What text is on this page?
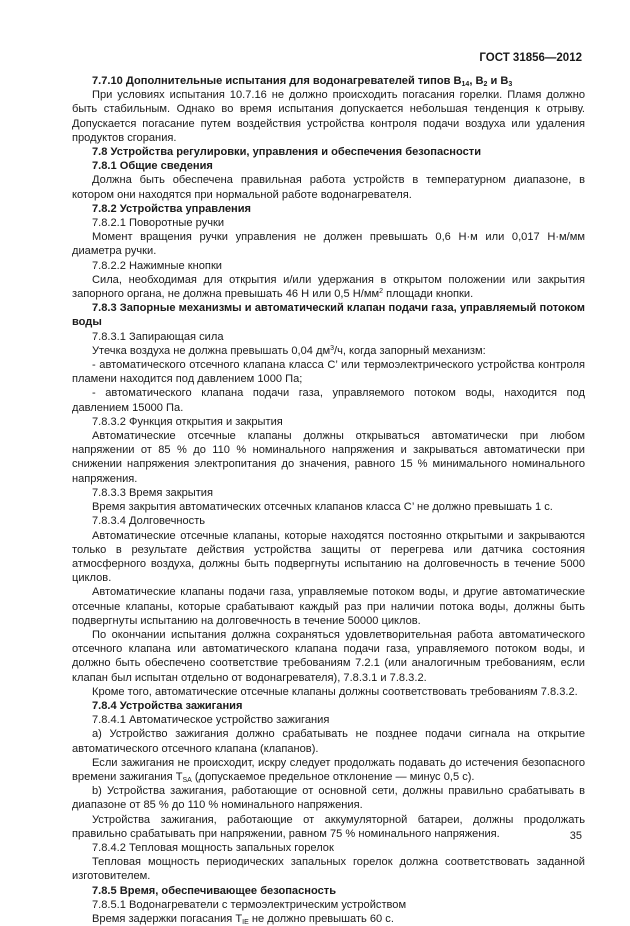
ГОСТ 31856—2012

7.7.10 Дополнительные испытания для водонагревателей типов $B_{14}$, $B_2$ и $B_3$

При условиях испытания 10.7.16 не должно происходить погасания горелки. Пламя должно быть стабильным. Однако во время испытания допускается небольшая тенденция к отрыву. Допускается погасание путем воздействия устройства контроля подачи воздуха или удаления продуктов сгорания.

7.8 Устройства регулировки, управления и обеспечения безопасности

7.8.1 Общие сведения

Должна быть обеспечена правильная работа устройств в температурном диапазоне, в котором они находятся при нормальной работе водонагревателя.

7.8.2 Устройства управления

7.8.2.1 Поворотные ручки

Момент вращения ручки управления не должен превышать 0,6 Н·м или 0,017 Н·м/мм диаметра ручки.

7.8.2.2 Нажимные кнопки

Сила, необходимая для открытия и/или удержания в открытом положении или закрытия запорного органа, не должна превышать 46 Н или 0,5 $Н/мм^2$ площади кнопки.

7.8.3 Запорные механизмы и автоматический клапан подачи газа, управляемый потоком воды

7.8.3.1 Запирающая сила

Утечка воздуха не должна превышать 0,04 $дм^3/ч$, когда запорный механизм:

- автоматического отсечного клапана класса C’ или термоэлектрического устройства контроля пламени находится под давлением 1000 Па;

- автоматического клапана подачи газа, управляемого потоком воды, находится под давлением 15000 Па.

7.8.3.2 Функция открытия и закрытия

Автоматические отсечные клапаны должны открываться автоматически при любом напряжении от 85 % до 110 % номинального напряжения и закрываться автоматически при снижении напряжения электропитания до значения, равного 15 % минимального номинального напряжения.

7.8.3.3 Время закрытия

Время закрытия автоматических отсечных клапанов класса C’ не должно превышать 1 с.

7.8.3.4 Долговечность

Автоматические отсечные клапаны, которые находятся постоянно открытыми и закрываются только в результате действия устройства защиты от перегрева или датчика состояния атмосферного воздуха, должны быть подвергнуты испытанию на долговечность в течение 5000 циклов.

Автоматические клапаны подачи газа, управляемые потоком воды, и другие автоматические отсечные клапаны, которые срабатывают каждый раз при наличии потока воды, должны быть подвергнуты испытанию на долговечность в течение 50000 циклов.

По окончании испытания должна сохраняться удовлетворительная работа автоматического отсечного клапана или автоматического клапана подачи газа, управляемого потоком воды, и должно быть обеспечено соответствие требованиям 7.2.1 (или аналогичным требованиям, если клапан был испытан отдельно от водонагревателя), 7.8.3.1 и 7.8.3.2.

Кроме того, автоматические отсечные клапаны должны соответствовать требованиям 7.8.3.2.

7.8.4 Устройства зажигания

7.8.4.1 Автоматическое устройство зажигания

а) Устройство зажигания должно срабатывать не позднее подачи сигнала на открытие автоматического отсечного клапана (клапанов).

Если зажигания не происходит, искру следует продолжать подавать до истечения безопасного времени зажигания $T_{SA}$ (допускаемое предельное отклонение — минус 0,5 с).

b) Устройства зажигания, работающие от основной сети, должны правильно срабатывать в диапазоне от 85 % до 110 % номинального напряжения.

Устройства зажигания, работающие от аккумуляторной батареи, должны продолжать правильно срабатывать при напряжении, равном 75 % номинального напряжения.

7.8.4.2 Тепловая мощность запальных горелок

Тепловая мощность периодических запальных горелок должна соответствовать заданной изготовителем.

7.8.5 Время, обеспечивающее безопасность

7.8.5.1 Водонагреватели с термоэлектрическим устройством

Время задержки погасания $T_{IE}$ не должно превышать 60 с.

35
